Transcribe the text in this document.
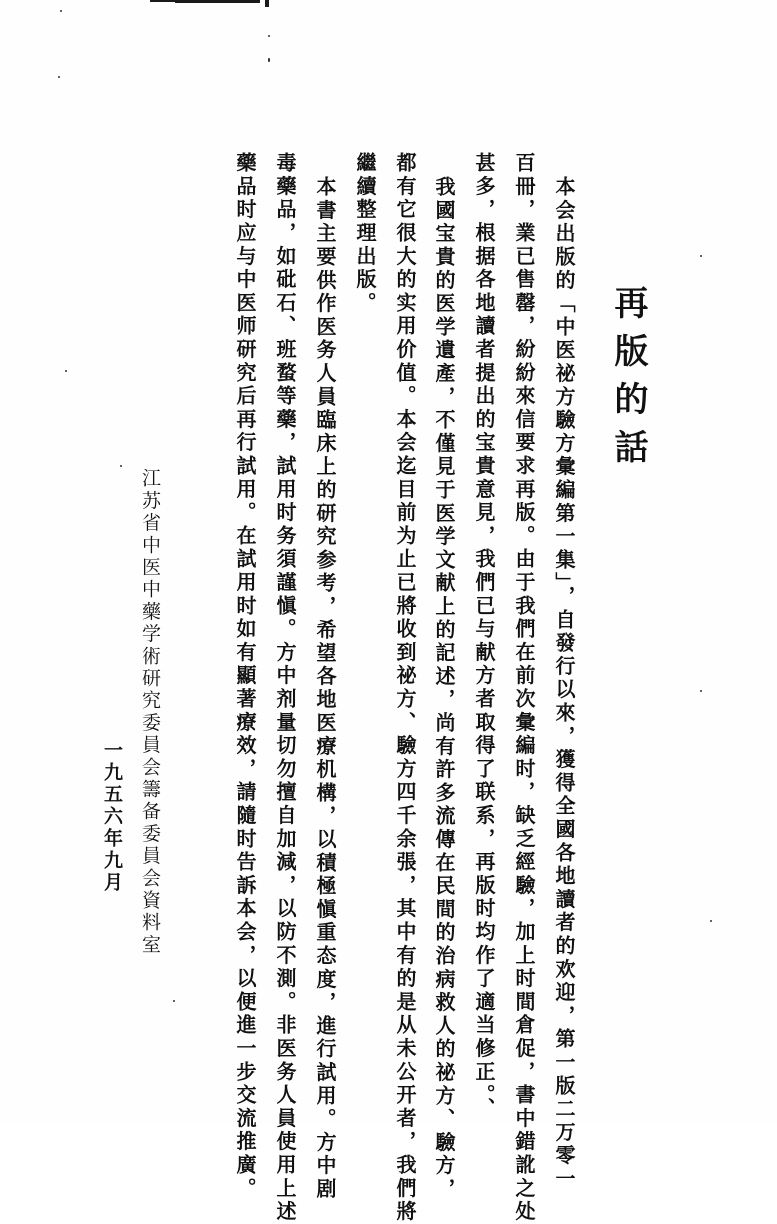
再版的話
本会出版的「中医祕方驗方彙編第一集」，自發行以來，獲得全國各地讀者的欢迎，第一版二万零一
百冊，業已售罄，紛紛來信要求再版。由于我們在前次彙編时，缺乏經驗，加上时間倉促，書中錯訛之处
甚多，根据各地讀者提出的宝貴意見，我們已与献方者取得了联系，再版时均作了適当修正。、
我國宝貴的医学遺產，不僅見于医学文献上的記述，尚有許多流傳在民間的治病救人的祕方、驗方，
都有它很大的实用价值。本会迄目前为止已將收到祕方、驗方四千余張，其中有的是从未公开者，我們將
繼續整理出版。
本書主要供作医务人員臨床上的研究参考，希望各地医療机構，以積極愼重态度，進行試用。方中剧
毒藥品，如砒石、班蝥等藥，試用时务須謹愼。方中剂量切勿擅自加減，以防不測。非医务人員使用上述
藥品时应与中医师研究后再行試用。在試用时如有顯著療效，請隨时告訴本会，以便進一步交流推廣。
江苏省中医中藥学術研究委員会籌备委員会資料室
一九五六年九月
